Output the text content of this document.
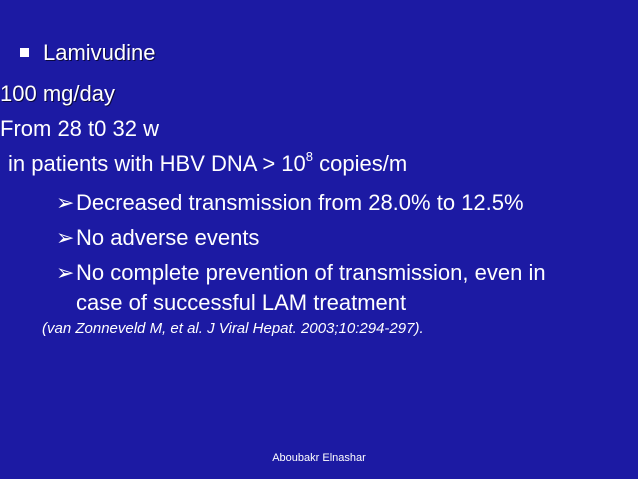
Lamivudine
100 mg/day
From 28 t0 32 w
in patients with HBV DNA > $10^8$ copies/m
➢Decreased transmission from 28.0% to 12.5%
➢No adverse events
➢No complete prevention of transmission, even in
case of successful LAM treatment
(van Zonneveld M, et al. J Viral Hepat. 2003;10:294-297).
Aboubakr Elnashar
